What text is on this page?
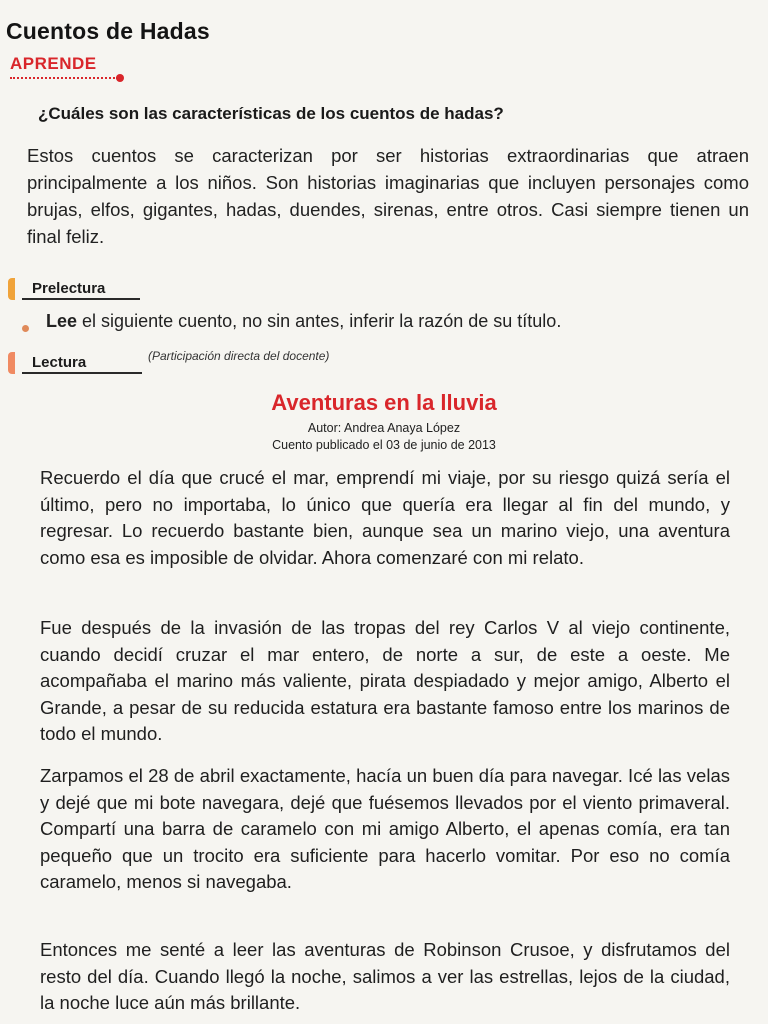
Cuentos de Hadas
APRENDE
¿Cuáles son las características de los cuentos de hadas?
Estos cuentos se caracterizan por ser historias extraordinarias que atraen principalmente a los niños. Son historias imaginarias que incluyen personajes como brujas, elfos, gigantes, hadas, duendes, sirenas, entre otros. Casi siempre tienen un final feliz.
Prelectura
Lee el siguiente cuento, no sin antes, inferir la razón de su título.
Lectura	(Participación directa del docente)
Aventuras en la lluvia
Autor: Andrea Anaya López
Cuento publicado el 03 de junio de 2013
Recuerdo el día que crucé el mar, emprendí mi viaje, por su riesgo quizá sería el último, pero no importaba, lo único que quería era llegar al fin del mundo, y regresar. Lo recuerdo bastante bien, aunque sea un marino viejo, una aventura como esa es imposible de olvidar. Ahora comenzaré con mi relato.
Fue después de la invasión de las tropas del rey Carlos V al viejo continente, cuando decidí cruzar el mar entero, de norte a sur, de este a oeste. Me acompañaba el marino más valiente, pirata despiadado y mejor amigo, Alberto el Grande, a pesar de su reducida estatura era bastante famoso entre los marinos de todo el mundo.
Zarpamos el 28 de abril exactamente, hacía un buen día para navegar. Icé las velas y dejé que mi bote navegara, dejé que fuésemos llevados por el viento primaveral. Compartí una barra de caramelo con mi amigo Alberto, el apenas comía, era tan pequeño que un trocito era suficiente para hacerlo vomitar. Por eso no comía caramelo, menos si navegaba.
Entonces me senté a leer las aventuras de Robinson Crusoe, y disfrutamos del resto del día. Cuando llegó la noche, salimos a ver las estrellas, lejos de la ciudad, la noche luce aún más brillante.
